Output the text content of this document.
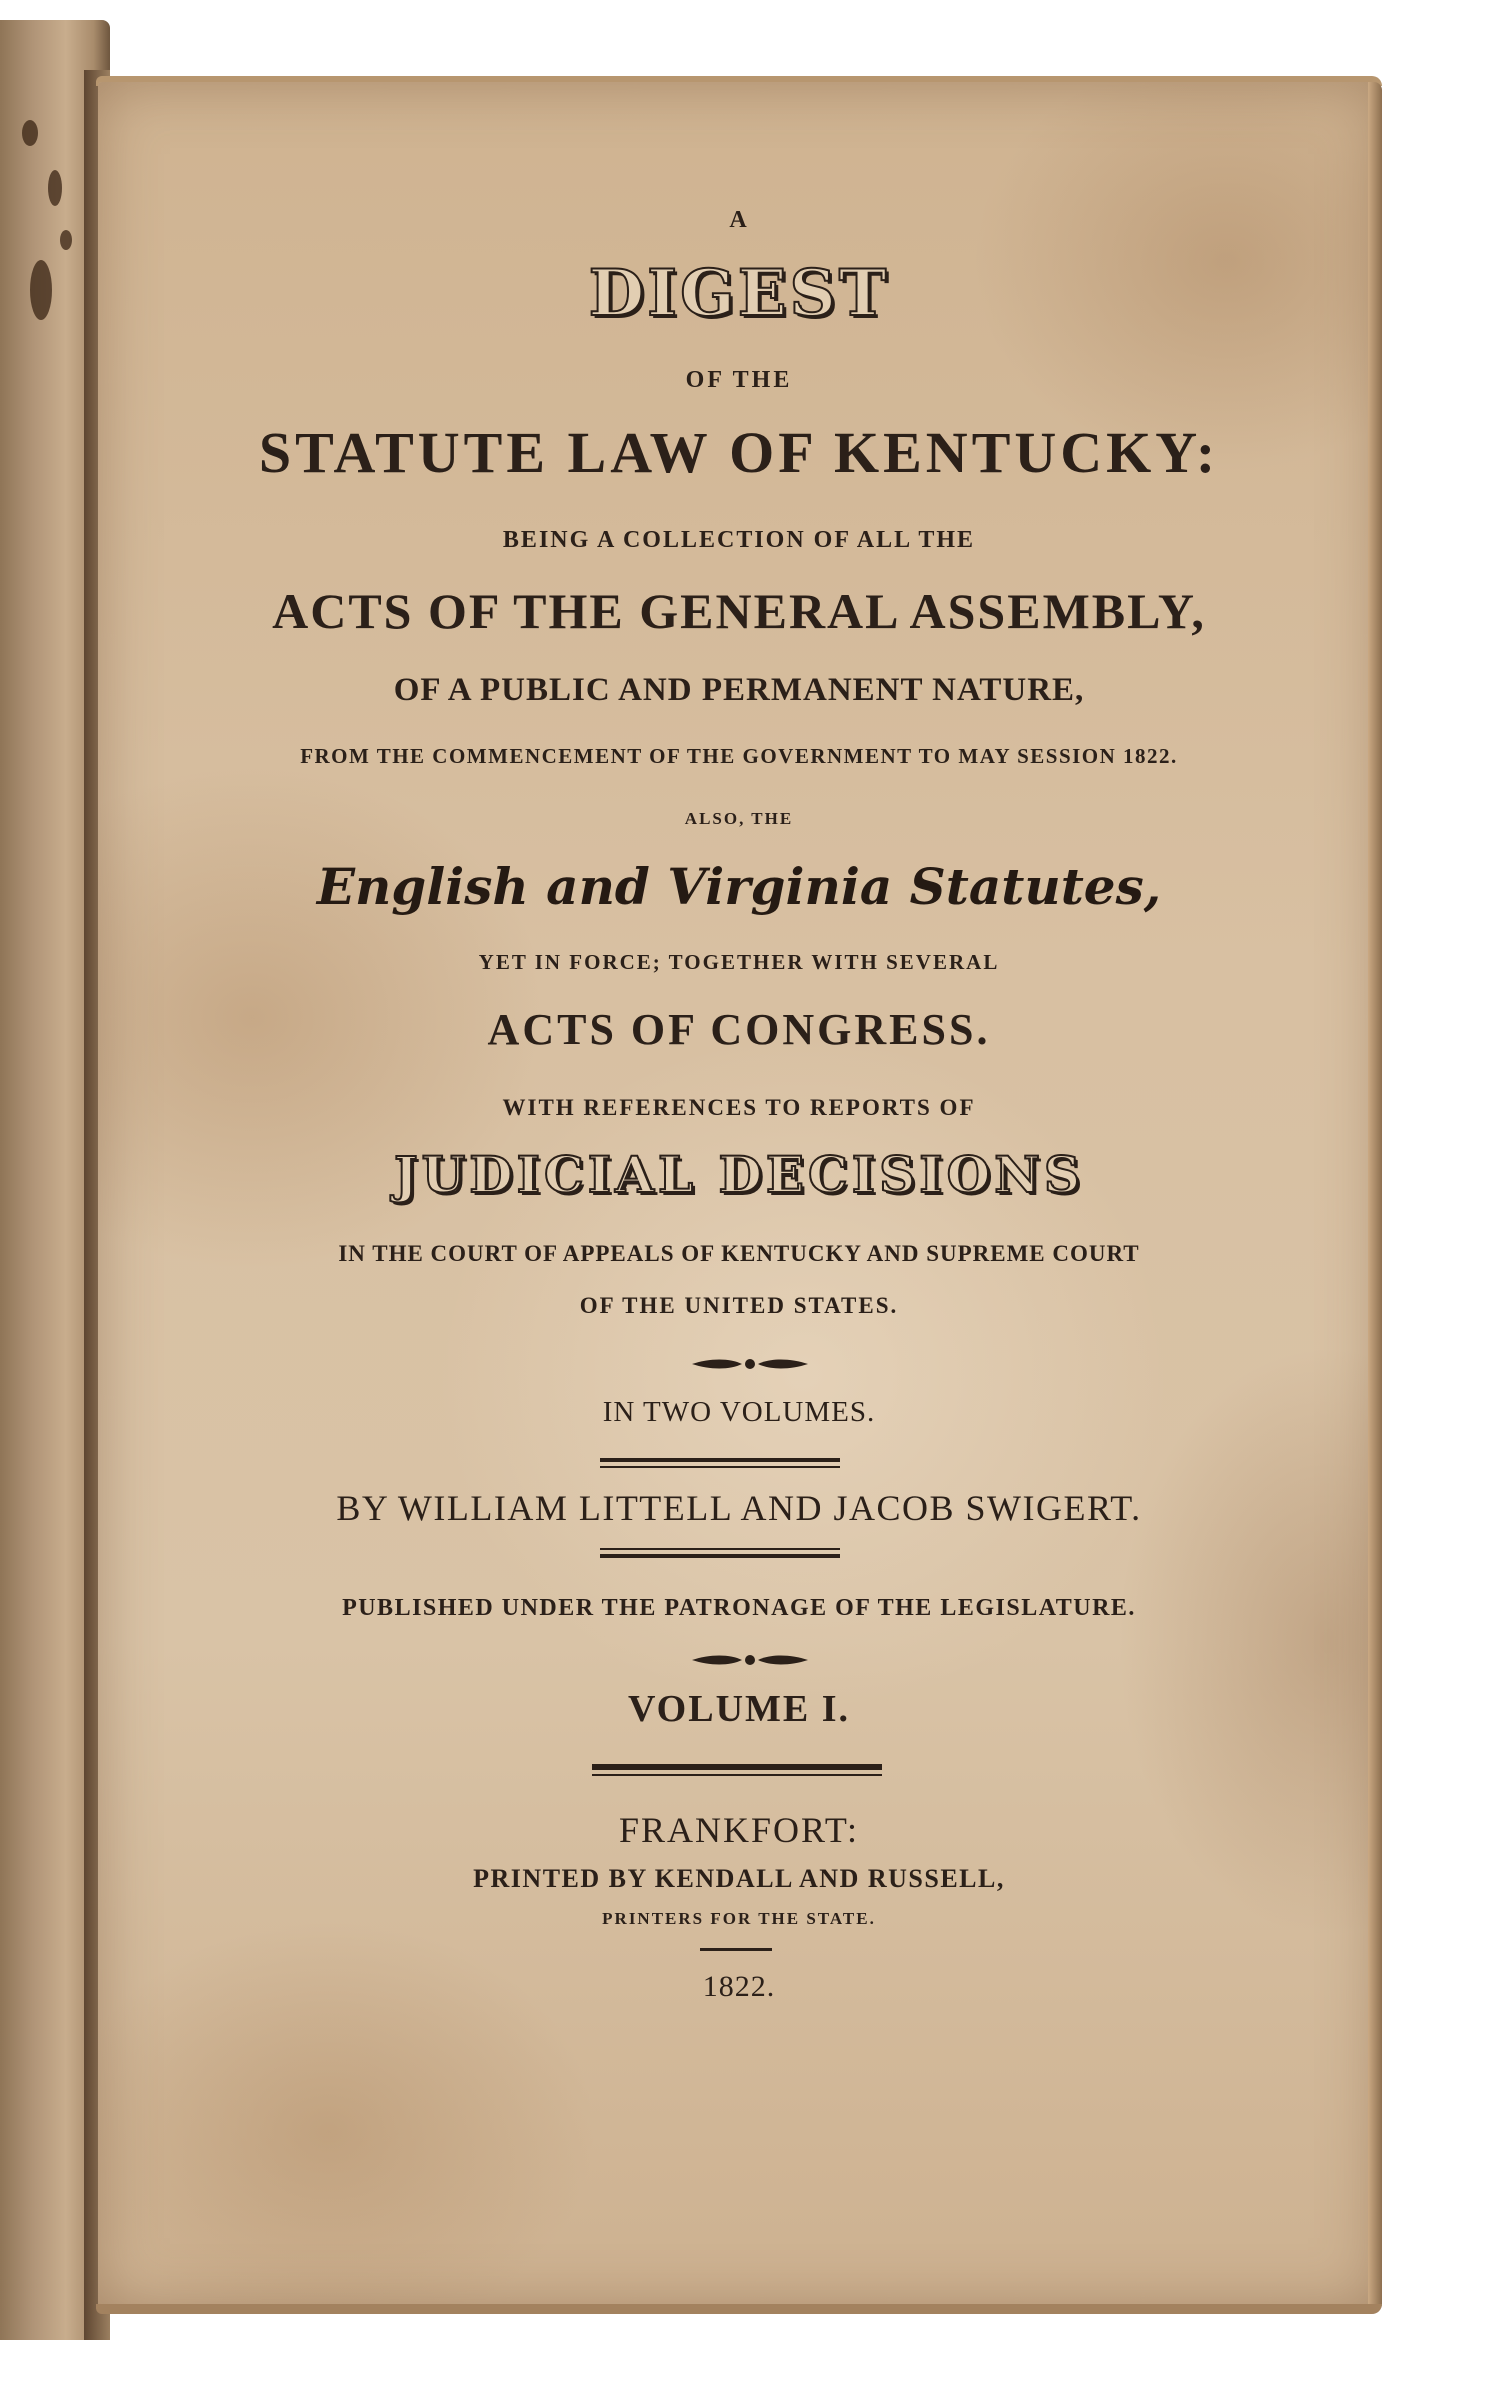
A
DIGEST
OF THE
STATUTE LAW OF KENTUCKY:
BEING A COLLECTION OF ALL THE
ACTS OF THE GENERAL ASSEMBLY,
OF A PUBLIC AND PERMANENT NATURE,
FROM THE COMMENCEMENT OF THE GOVERNMENT TO MAY SESSION 1822.
ALSO, THE
English and Virginia Statutes,
YET IN FORCE; TOGETHER WITH SEVERAL
ACTS OF CONGRESS.
WITH REFERENCES TO REPORTS OF
JUDICIAL DECISIONS
IN THE COURT OF APPEALS OF KENTUCKY AND SUPREME COURT
OF THE UNITED STATES.
IN TWO VOLUMES.
BY WILLIAM LITTELL AND JACOB SWIGERT.
PUBLISHED UNDER THE PATRONAGE OF THE LEGISLATURE.
VOLUME I.
FRANKFORT:
PRINTED BY KENDALL AND RUSSELL,
PRINTERS FOR THE STATE.
1822.
